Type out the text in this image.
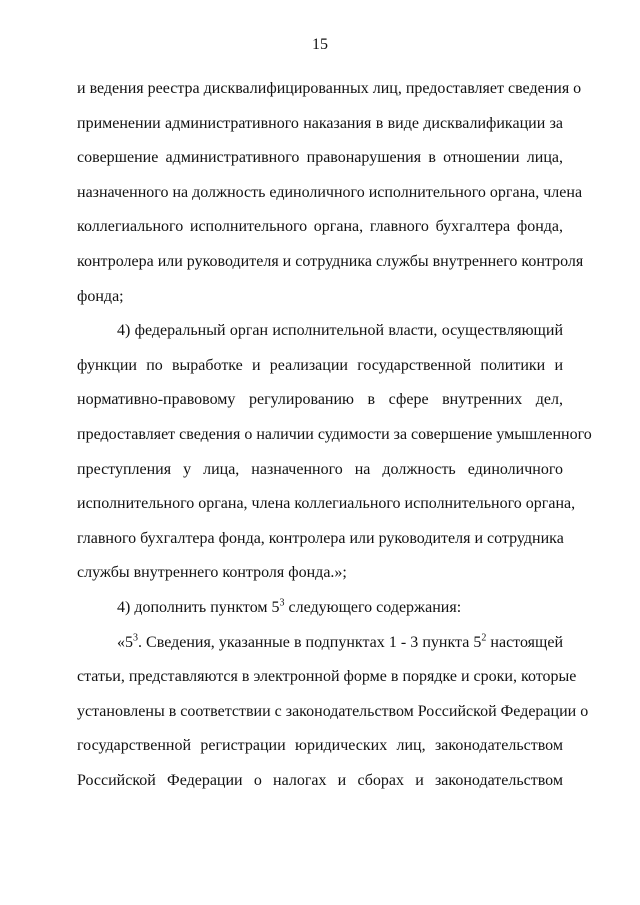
15
и ведения реестра дисквалифицированных лиц, предоставляет сведения о
применении административного наказания в виде дисквалификации за
совершение административного правонарушения в отношении лица,
назначенного на должность единоличного исполнительного органа, члена
коллегиального исполнительного органа, главного бухгалтера фонда,
контролера или руководителя и сотрудника службы внутреннего контроля
фонда;
4) федеральный орган исполнительной власти, осуществляющий
функции по выработке и реализации государственной политики и
нормативно-правовому регулированию в сфере внутренних дел,
предоставляет сведения о наличии судимости за совершение умышленного
преступления у лица, назначенного на должность единоличного
исполнительного органа, члена коллегиального исполнительного органа,
главного бухгалтера фонда, контролера или руководителя и сотрудника
службы внутреннего контроля фонда.»;
4) дополнить пунктом $5^3$ следующего содержания:
«$5^3$. Сведения, указанные в подпунктах 1 - 3 пункта $5^2$ настоящей
статьи, представляются в электронной форме в порядке и сроки, которые
установлены в соответствии с законодательством Российской Федерации о
государственной регистрации юридических лиц, законодательством
Российской Федерации о налогах и сборах и законодательством
